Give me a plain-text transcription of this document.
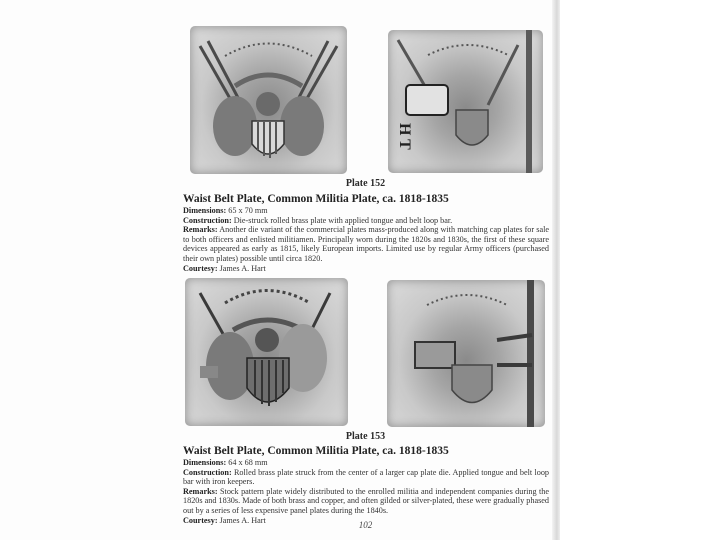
H T
Plate 152
Waist Belt Plate, Common Militia Plate, ca. 1818-1835
Dimensions: 65 x 70 mm
Construction: Die-struck rolled brass plate with applied tongue and belt loop bar.
Remarks: Another die variant of the commercial plates mass-produced along with matching cap plates for sale to both officers and enlisted militiamen. Principally worn during the 1820s and 1830s, the first of these square devices appeared as early as 1815, likely European imports. Limited use by regular Army officers (purchased their own plates) possible until circa 1820.
Courtesy: James A. Hart
Plate 153
Waist Belt Plate, Common Militia Plate, ca. 1818-1835
Dimensions: 64 x 68 mm
Construction: Rolled brass plate struck from the center of a larger cap plate die. Applied tongue and belt loop bar with iron keepers.
Remarks: Stock pattern plate widely distributed to the enrolled militia and independent companies during the 1820s and 1830s. Made of both brass and copper, and often gilded or silver-plated, these were gradually phased out by a series of less expensive panel plates during the 1840s.
Courtesy: James A. Hart	102
